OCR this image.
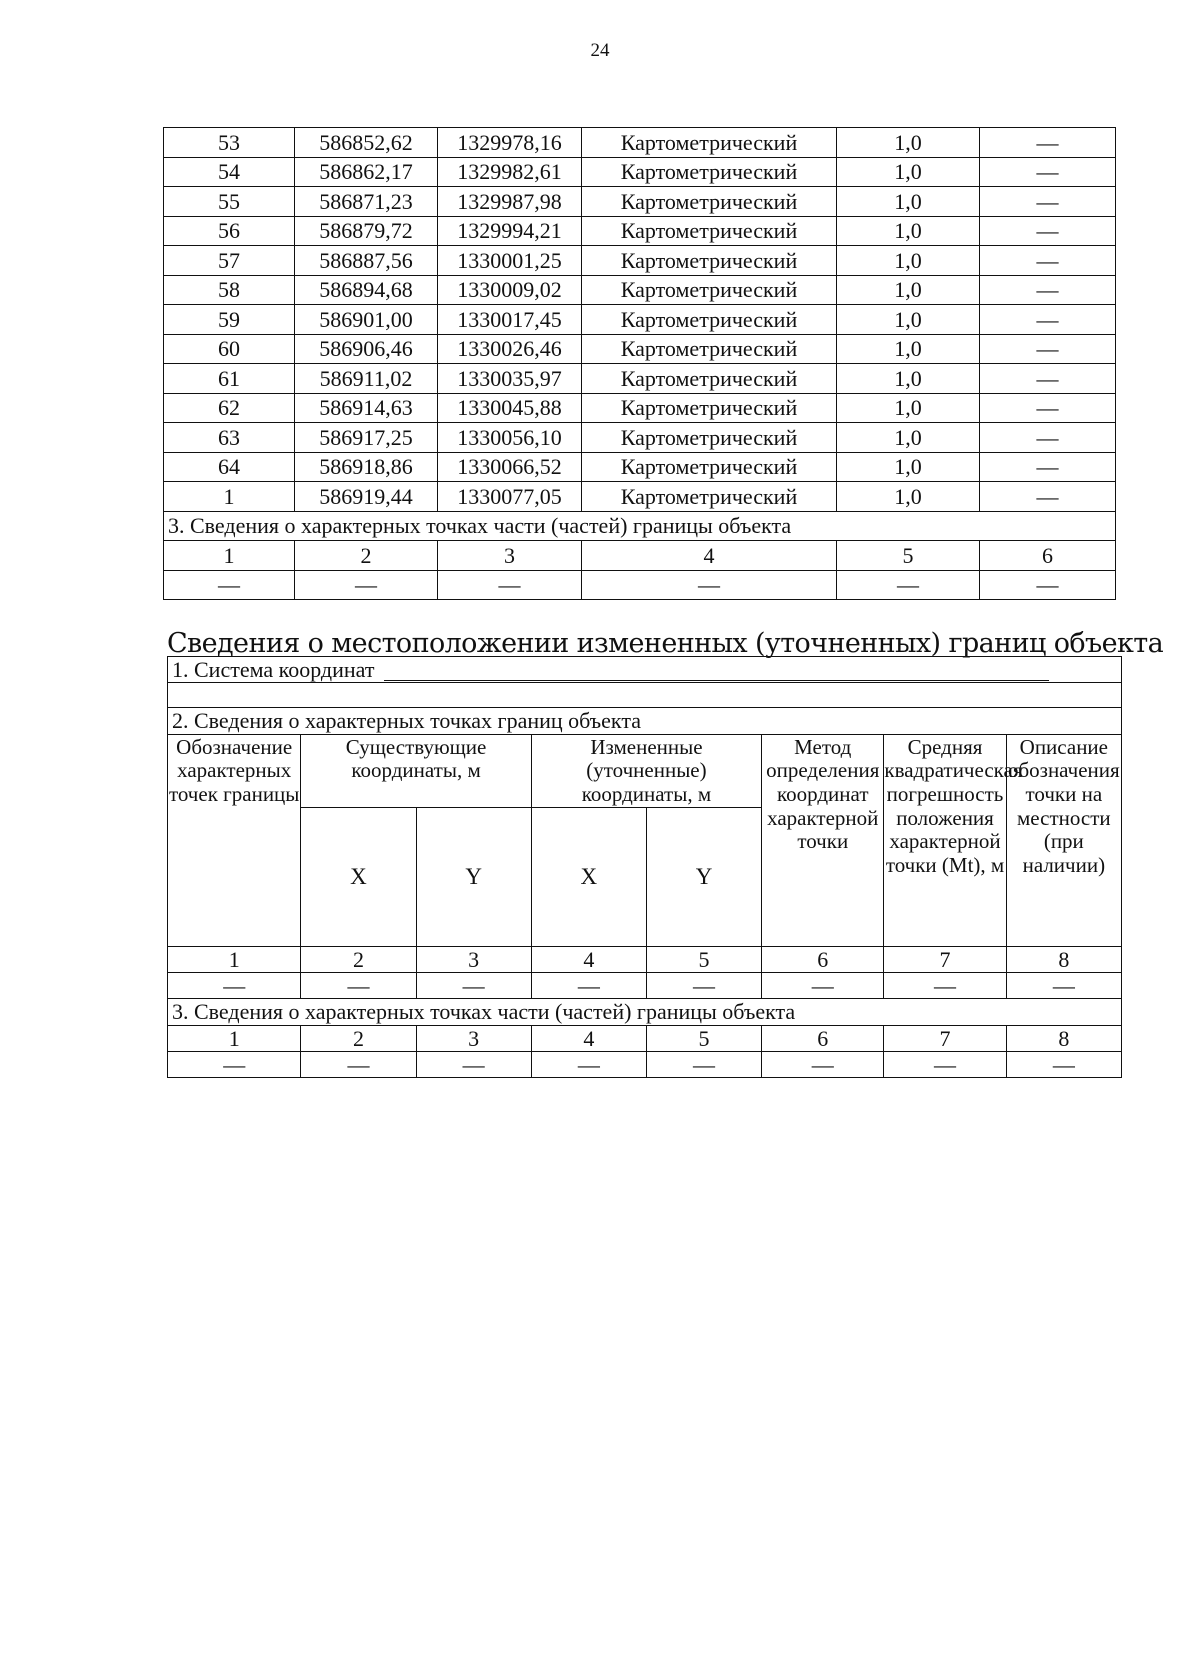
24
53	586852,62	1329978,16	Картометрический	1,0	—
54	586862,17	1329982,61	Картометрический	1,0	—
55	586871,23	1329987,98	Картометрический	1,0	—
56	586879,72	1329994,21	Картометрический	1,0	—
57	586887,56	1330001,25	Картометрический	1,0	—
58	586894,68	1330009,02	Картометрический	1,0	—
59	586901,00	1330017,45	Картометрический	1,0	—
60	586906,46	1330026,46	Картометрический	1,0	—
61	586911,02	1330035,97	Картометрический	1,0	—
62	586914,63	1330045,88	Картометрический	1,0	—
63	586917,25	1330056,10	Картометрический	1,0	—
64	586918,86	1330066,52	Картометрический	1,0	—
1	586919,44	1330077,05	Картометрический	1,0	—
3. Сведения о характерных точках части (частей) границы объекта					
1	2	3	4	5	6
—	—	—	—	—	—
Сведения о местоположении измененных (уточненных) границ объекта
1. Система координат							

2. Сведения о характерных точках границ объекта							
Обозначение характерных точек границы	Существующие координаты, м		Измененные (уточненные) координаты, м		Метод определения координат характерной точки	Средняя квадратическая погрешность положения характерной точки (Mt), м	Описание обозначения точки на местности (при наличии)
	X	Y	X	Y			
1	2	3	4	5	6	7	8
—	—	—	—	—	—	—	—
3. Сведения о характерных точках части (частей) границы объекта							
1	2	3	4	5	6	7	8
—	—	—	—	—	—	—	—
